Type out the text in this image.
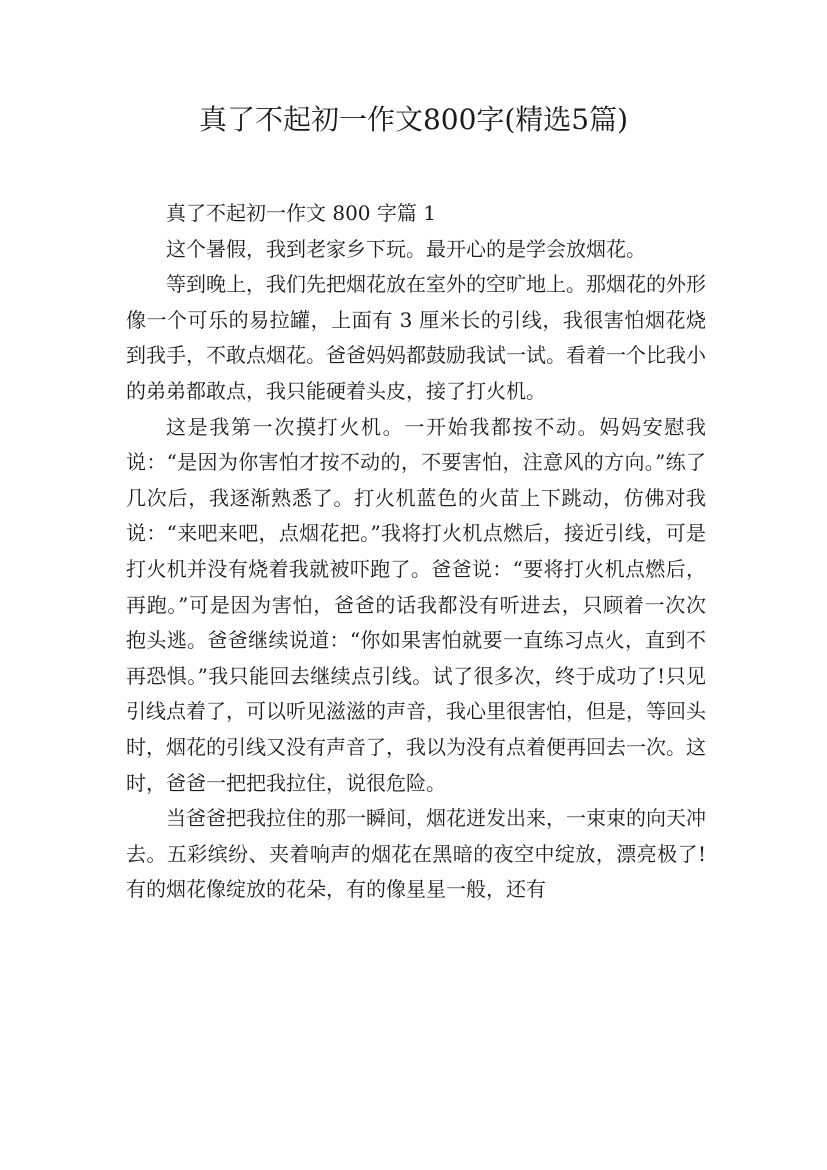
真了不起初一作文800字(精选5篇)

真了不起初一作文 800 字篇 1

这个暑假，我到老家乡下玩。最开心的是学会放烟花。

等到晚上，我们先把烟花放在室外的空旷地上。那烟花的外形像一个可乐的易拉罐，上面有 3 厘米长的引线，我很害怕烟花烧到我手，不敢点烟花。爸爸妈妈都鼓励我试一试。看着一个比我小的弟弟都敢点，我只能硬着头皮，接了打火机。

这是我第一次摸打火机。一开始我都按不动。妈妈安慰我说：“是因为你害怕才按不动的，不要害怕，注意风的方向。”练了几次后，我逐渐熟悉了。打火机蓝色的火苗上下跳动，仿佛对我说：“来吧来吧，点烟花把。”我将打火机点燃后，接近引线，可是打火机并没有烧着我就被吓跑了。爸爸说：“要将打火机点燃后，再跑。”可是因为害怕，爸爸的话我都没有听进去，只顾着一次次抱头逃。爸爸继续说道：“你如果害怕就要一直练习点火，直到不再恐惧。”我只能回去继续点引线。试了很多次，终于成功了!只见引线点着了，可以听见滋滋的声音，我心里很害怕，但是，等回头时，烟花的引线又没有声音了，我以为没有点着便再回去一次。这时，爸爸一把把我拉住，说很危险。

当爸爸把我拉住的那一瞬间，烟花迸发出来，一束束的向天冲去。五彩缤纷、夹着响声的烟花在黑暗的夜空中绽放，漂亮极了!有的烟花像绽放的花朵，有的像星星一般，还有
